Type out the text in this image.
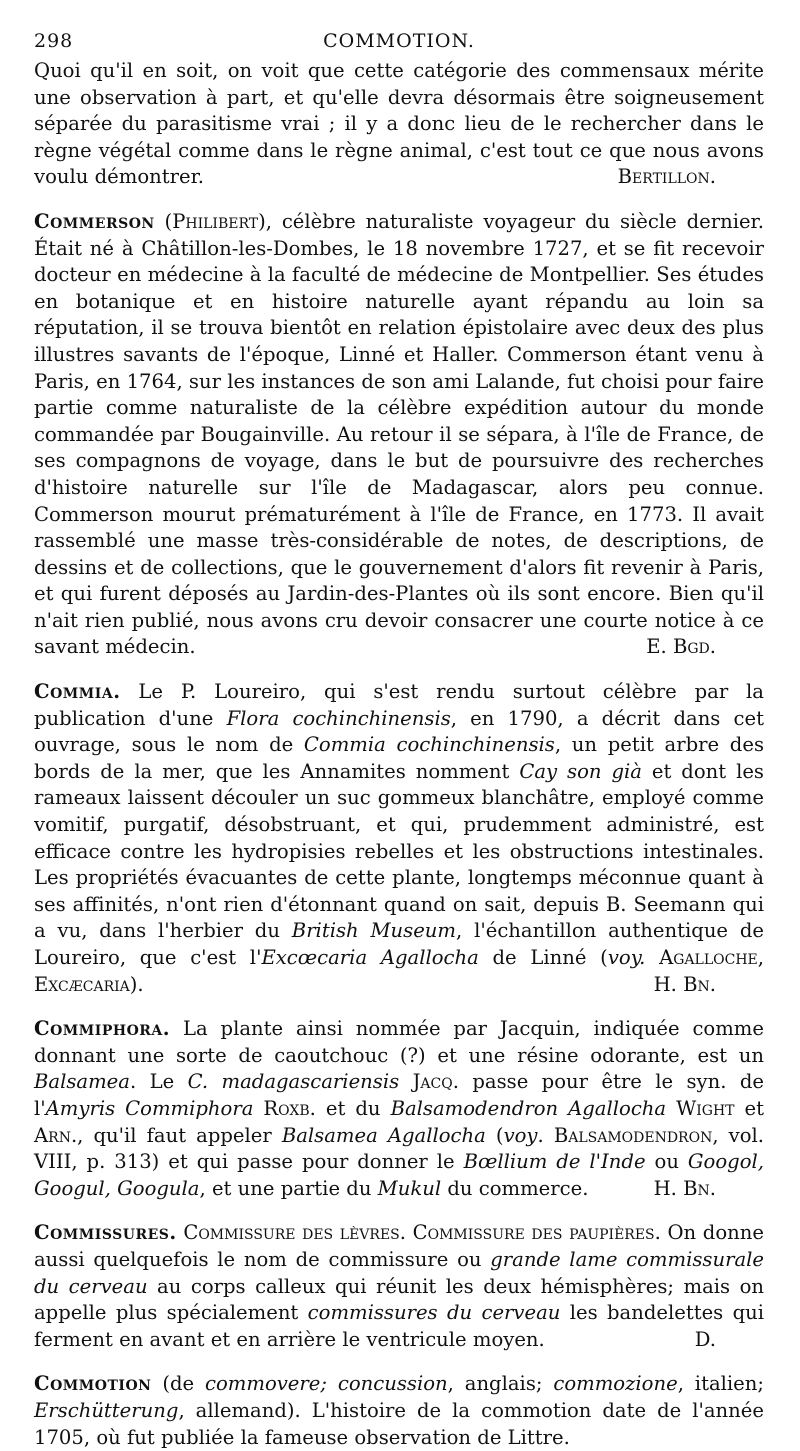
298	COMMOTION.

Quoi qu'il en soit, on voit que cette catégorie des commensaux mérite une observation à part, et qu'elle devra désormais être soigneusement séparée du parasitisme vrai ; il y a donc lieu de le rechercher dans le règne végétal comme dans le règne animal, c'est tout ce que nous avons voulu démontrer.	Bertillon.

Commerson (Philibert), célèbre naturaliste voyageur du siècle dernier. Était né à Châtillon-les-Dombes, le 18 novembre 1727, et se fit recevoir docteur en médecine à la faculté de médecine de Montpellier. Ses études en botanique et en histoire naturelle ayant répandu au loin sa réputation, il se trouva bientôt en relation épistolaire avec deux des plus illustres savants de l'époque, Linné et Haller. Commerson étant venu à Paris, en 1764, sur les instances de son ami Lalande, fut choisi pour faire partie comme naturaliste de la célèbre expédition autour du monde commandée par Bougainville. Au retour il se sépara, à l'île de France, de ses compagnons de voyage, dans le but de poursuivre des recherches d'histoire naturelle sur l'île de Madagascar, alors peu connue. Commerson mourut prématurément à l'île de France, en 1773. Il avait rassemblé une masse très-considérable de notes, de descriptions, de dessins et de collections, que le gouvernement d'alors fit revenir à Paris, et qui furent déposés au Jardin-des-Plantes où ils sont encore. Bien qu'il n'ait rien publié, nous avons cru devoir consacrer une courte notice à ce savant médecin.	E. Bgd.

Commia. Le P. Loureiro, qui s'est rendu surtout célèbre par la publication d'une Flora cochinchinensis, en 1790, a décrit dans cet ouvrage, sous le nom de Commia cochinchinensis, un petit arbre des bords de la mer, que les Annamites nomment Cay son già et dont les rameaux laissent découler un suc gommeux blanchâtre, employé comme vomitif, purgatif, désobstruant, et qui, prudemment administré, est efficace contre les hydropisies rebelles et les obstructions intestinales. Les propriétés évacuantes de cette plante, longtemps méconnue quant à ses affinités, n'ont rien d'étonnant quand on sait, depuis B. Seemann qui a vu, dans l'herbier du British Museum, l'échantillon authentique de Loureiro, que c'est l'Excœcaria Agallocha de Linné (voy. Agalloche, Excæcaria).	H. Bn.

Commiphora. La plante ainsi nommée par Jacquin, indiquée comme donnant une sorte de caoutchouc (?) et une résine odorante, est un Balsamea. Le C. madagascariensis Jacq. passe pour être le syn. de l'Amyris Commiphora Roxb. et du Balsamodendron Agallocha Wight et Arn., qu'il faut appeler Balsamea Agallocha (voy. Balsamodendron, vol. VIII, p. 313) et qui passe pour donner le Bœllium de l'Inde ou Googol, Googul, Googula, et une partie du Mukul du commerce.	H. Bn.

Commissures. Commissure des lèvres. Commissure des paupières. On donne aussi quelquefois le nom de commissure ou grande lame commissurale du cerveau au corps calleux qui réunit les deux hémisphères; mais on appelle plus spécialement commissures du cerveau les bandelettes qui ferment en avant et en arrière le ventricule moyen.	D.

Commotion (de commovere; concussion, anglais; commozione, italien; Erschütterung, allemand). L'histoire de la commotion date de l'année 1705, où fut publiée la fameuse observation de Littre.
